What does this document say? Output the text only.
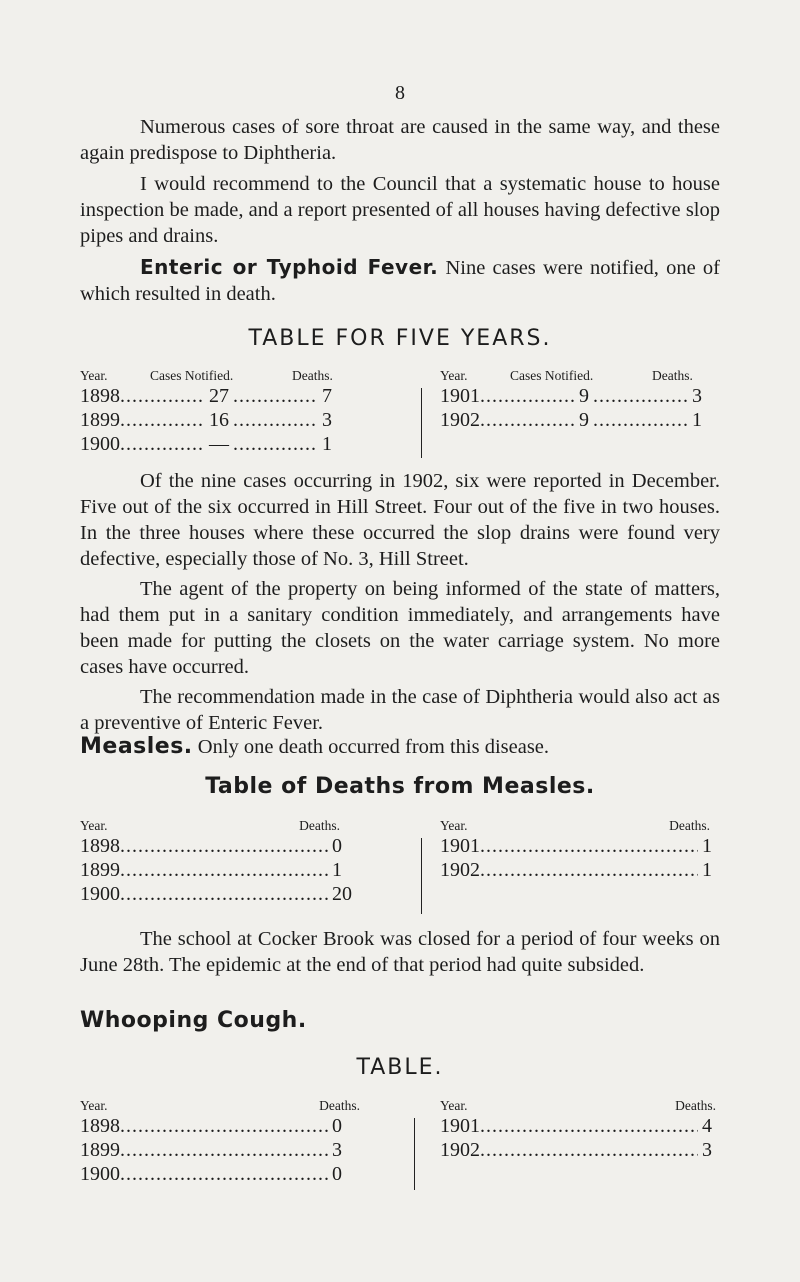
8
Numerous cases of sore throat are caused in the same way, and these again predispose to Diphtheria.
I would recommend to the Council that a systematic house to house inspection be made, and a report presented of all houses having defective slop pipes and drains.
Enteric or Typhoid Fever. Nine cases were notified, one of which resulted in death.
TABLE FOR FIVE YEARS.
Year.	Cases Notified.	Deaths.
1898 .....	27 .....	7
1899 .....	16 .....	3
1900 .....	— .....	1
Year.	Cases Notified.	Deaths.
1901 .....	9 .....	3
1902 .....	9 .....	1
Of the nine cases occurring in 1902, six were reported in December. Five out of the six occurred in Hill Street. Four out of the five in two houses. In the three houses where these occurred the slop drains were found very defective, especially those of No. 3, Hill Street.
The agent of the property on being informed of the state of matters, had them put in a sanitary condition immediately, and arrangements have been made for putting the closets on the water carriage system. No more cases have occurred.
The recommendation made in the case of Diphtheria would also act as a preventive of Enteric Fever.
Measles. Only one death occurred from this disease.
Table of Deaths from Measles.
Year.	Deaths.
1898 .....	0
1899 .....	1
1900 .....	20
Year.	Deaths.
1901 .....	1
1902 .....	1
The school at Cocker Brook was closed for a period of four weeks on June 28th. The epidemic at the end of that period had quite subsided.
Whooping Cough.
TABLE.
Year.	Deaths.
1898 .....	0
1899 .....	3
1900 .....	0
Year.	Deaths.
1901 .....	4
1902 .....	3
